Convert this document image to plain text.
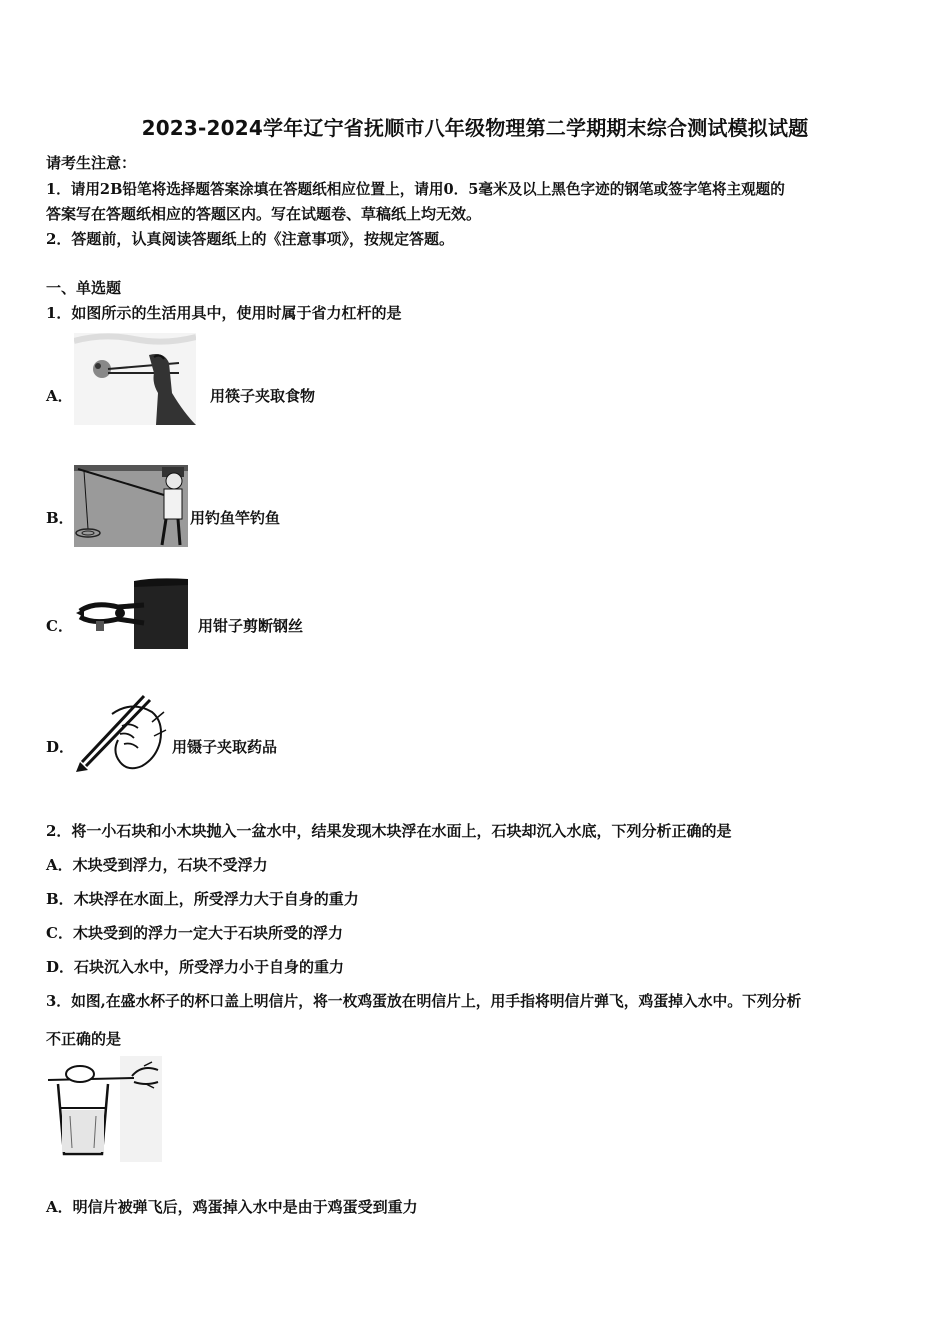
2023-2024学年辽宁省抚顺市八年级物理第二学期期末综合测试模拟试题
请考生注意：
1．请用2B铅笔将选择题答案涂填在答题纸相应位置上，请用0．5毫米及以上黑色字迹的钢笔或签字笔将主观题的
答案写在答题纸相应的答题区内。写在试题卷、草稿纸上均无效。
2．答题前，认真阅读答题纸上的《注意事项》，按规定答题。
一、单选题
1．如图所示的生活用具中，使用时属于省力杠杆的是
A．	用筷子夹取食物
B．	用钓鱼竿钓鱼
C．	用钳子剪断钢丝
D．	用镊子夹取药品
2．将一小石块和小木块抛入一盆水中，结果发现木块浮在水面上，石块却沉入水底，下列分析正确的是
A．木块受到浮力，石块不受浮力
B．木块浮在水面上，所受浮力大于自身的重力
C．木块受到的浮力一定大于石块所受的浮力
D．石块沉入水中，所受浮力小于自身的重力
3．如图,在盛水杯子的杯口盖上明信片，将一枚鸡蛋放在明信片上，用手指将明信片弹飞，鸡蛋掉入水中。下列分析
不正确的是
A．明信片被弹飞后，鸡蛋掉入水中是由于鸡蛋受到重力
